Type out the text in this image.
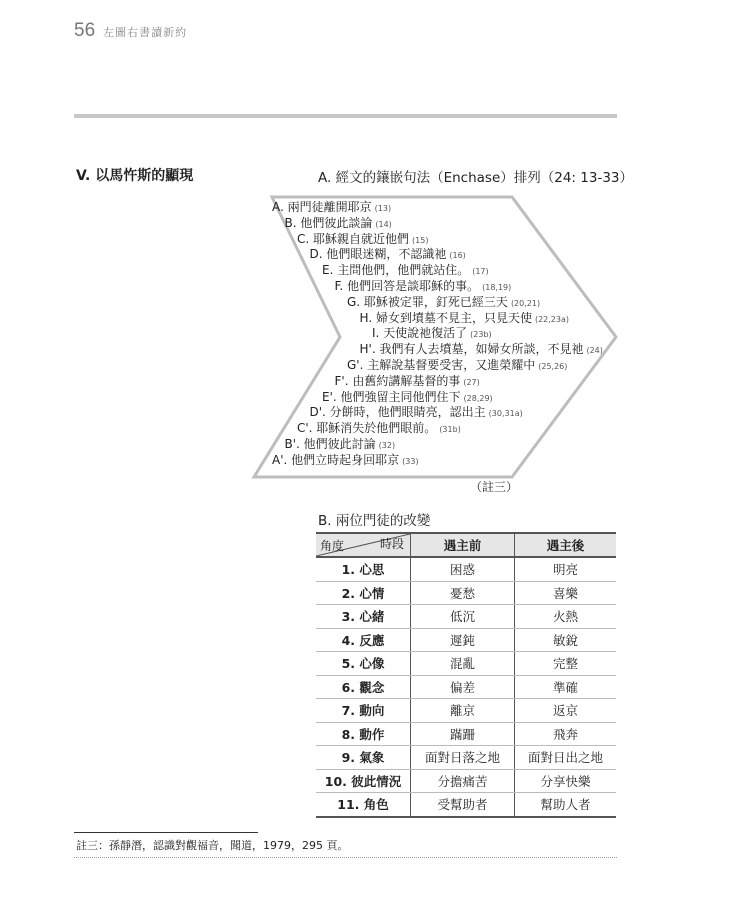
56 左圖右書讀新約
V. 以馬忤斯的顯現	A. 經文的鑲嵌句法（Enchase）排列（24: 13-33）
A. 兩門徒離開耶京 (13)
B. 他們彼此談論 (14)
C. 耶穌親自就近他們 (15)
D. 他們眼迷糊，不認識祂 (16)
E. 主問他們，他們就站住。 (17)
F. 他們回答是談耶穌的事。 (18,19)
G. 耶穌被定罪，釘死已經三天 (20,21)
H. 婦女到墳墓不見主，只見天使 (22,23a)
I. 天使說祂復活了 (23b)
H'. 我們有人去墳墓，如婦女所談，不見祂 (24)
G'. 主解說基督要受害，又進榮耀中 (25,26)
F'. 由舊約講解基督的事 (27)
E'. 他們強留主同他們住下 (28,29)
D'. 分餅時，他們眼睛亮，認出主 (30,31a)
C'. 耶穌消失於他們眼前。 (31b)
B'. 他們彼此討論 (32)
A'. 他們立時起身回耶京 (33)
（註三）
B. 兩位門徒的改變
角度 時段	遇主前	遇主後
1. 心思	困惑	明亮
2. 心情	憂愁	喜樂
3. 心緒	低沉	火熱
4. 反應	遲鈍	敏銳
5. 心像	混亂	完整
6. 觀念	偏差	準確
7. 動向	離京	返京
8. 動作	蹣跚	飛奔
9. 氣象	面對日落之地	面對日出之地
10. 彼此情況	分擔痛苦	分享快樂
11. 角色	受幫助者	幫助人者
註三：孫靜潛，認識對觀福音，聞道，1979，295 頁。
